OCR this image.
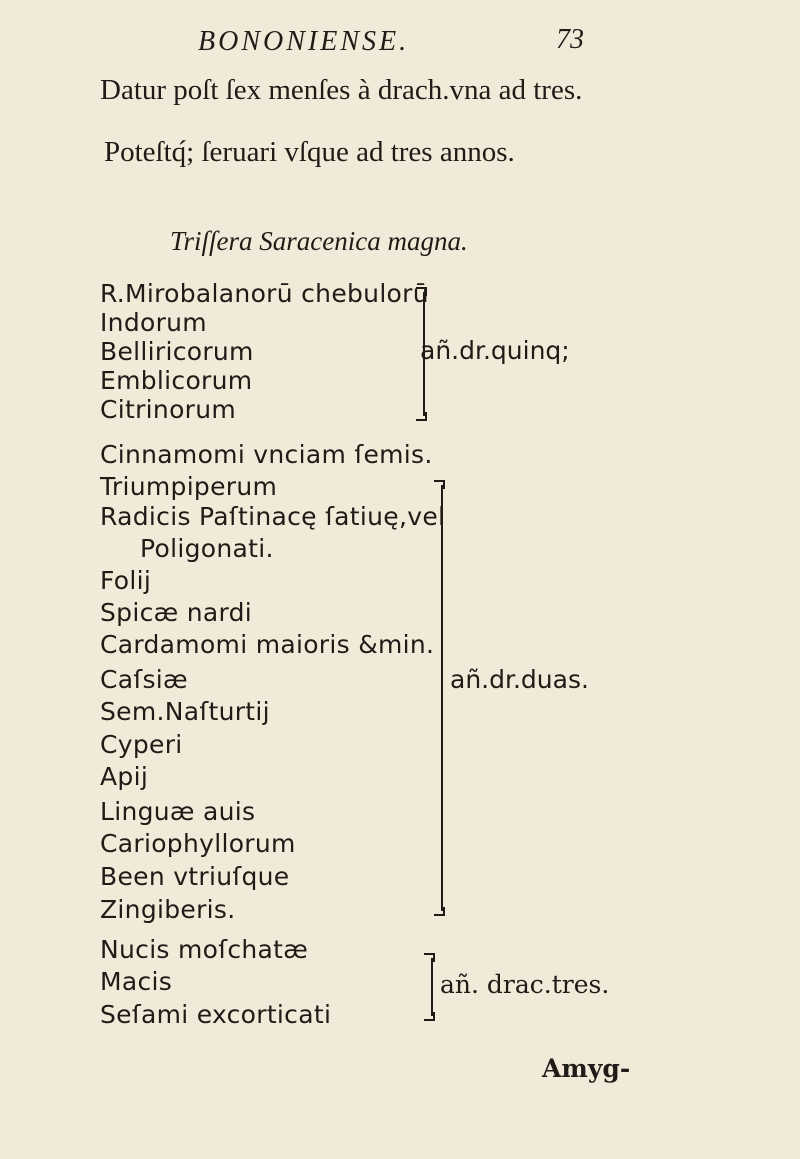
BONONIENSE.	73
Datur poſt ſex menſes à drach.vna ad tres.
Poteſtq́; ſeruari vſque ad tres annos.
Triſſera Saracenica magna.
R.Mirobalanorū chebulorū
Indorum
Belliricorum
Emblicorum
Citrinorum
añ.dr.quinq;
Cinnamomi vnciam ſemis.
Triumpiperum
Radicis Paſtinacę ſatiuę,vel
Poligonati.
Folij
Spicæ nardi
Cardamomi maioris &min.
Caſsiæ
Sem.Naſturtij
Cyperi
Apij
Linguæ auis
Cariophyllorum
Been vtriuſque
Zingiberis.
añ.dr.duas.
Nucis moſchatæ
Macis
Seſami excorticati
añ. drac.tres.
Amyg-
